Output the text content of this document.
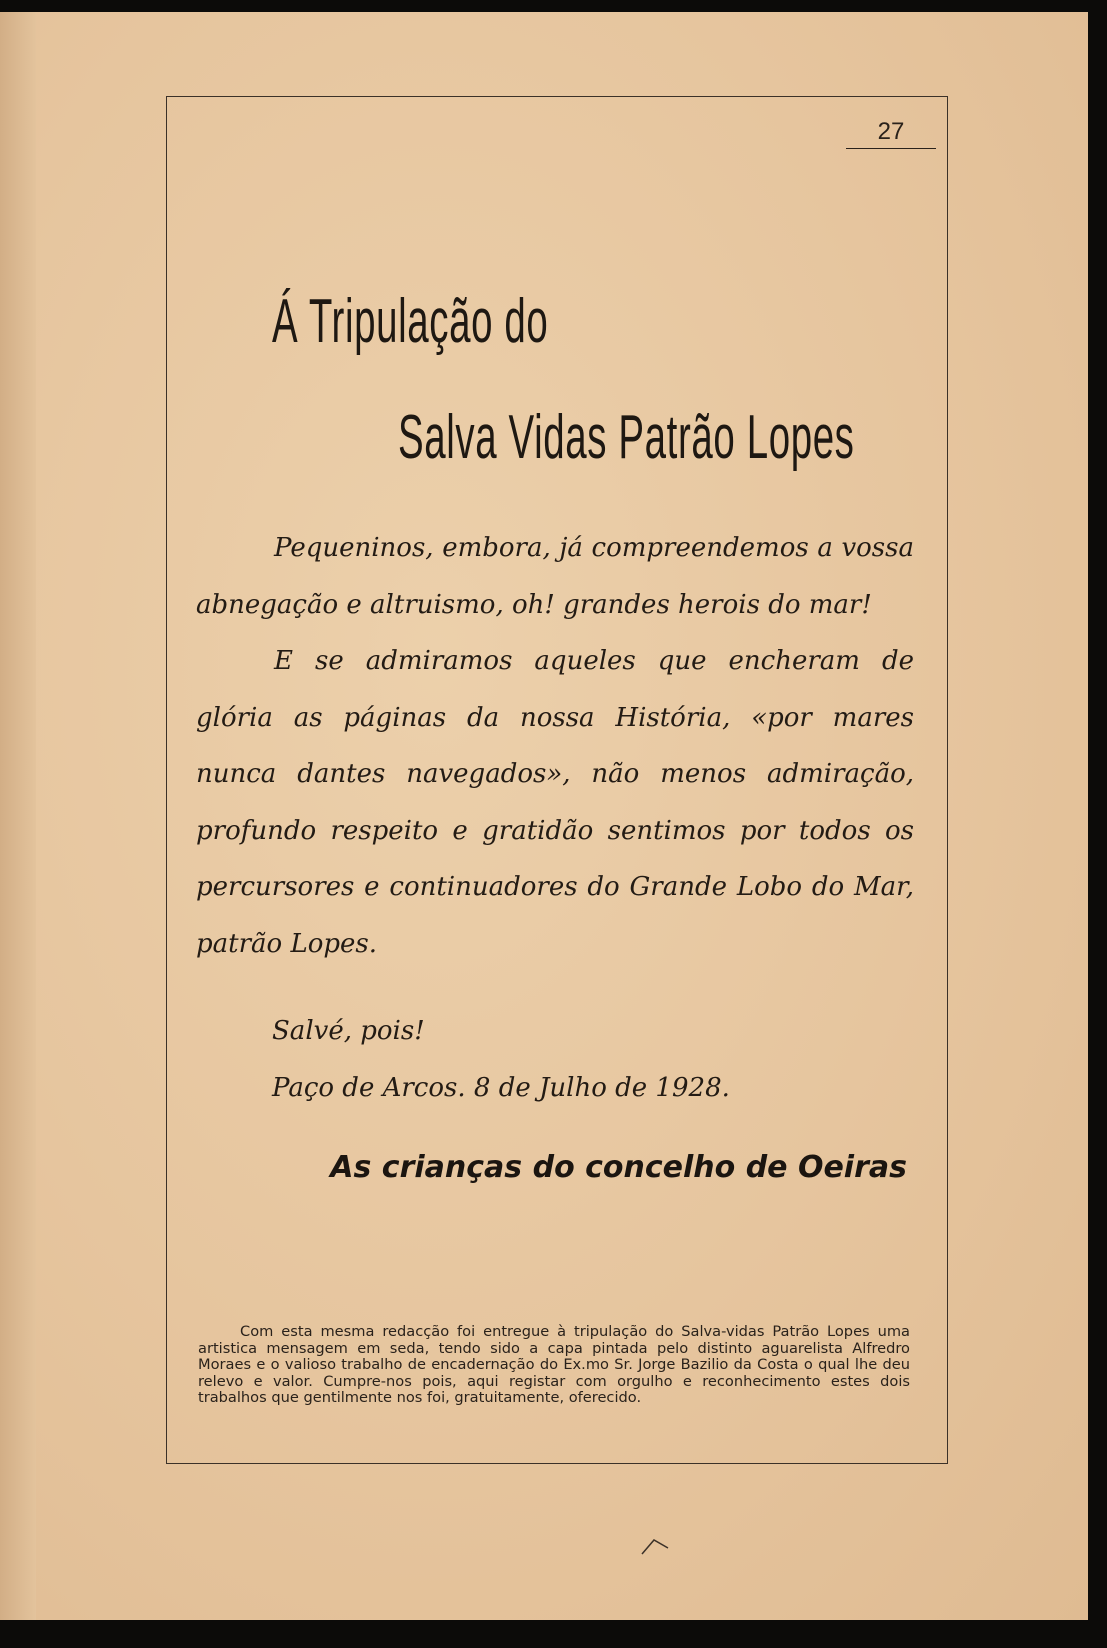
27
Á Tripulação do
Salva Vidas Patrão Lopes
Pequeninos, embora, já compreendemos a vossa abnegação e altruismo, oh! grandes herois do mar!
E se admiramos aqueles que encheram de glória as páginas da nossa História, «por mares nunca dantes navegados», não menos admiração, profundo respeito e gratidão sentimos por todos os percursores e continuadores do Grande Lobo do Mar, patrão Lopes.
Salvé, pois!
Paço de Arcos. 8 de Julho de 1928.
As crianças do concelho de Oeiras

Com esta mesma redacção foi entregue à tripulação do Salva-vidas Patrão Lopes uma artistica mensagem em seda, tendo sido a capa pintada pelo distinto aguarelista Alfredro Moraes e o valioso trabalho de encadernação do Ex.mo Sr. Jorge Bazilio da Costa o qual lhe deu relevo e valor. Cumpre-nos pois, aqui registar com orgulho e reconhecimento estes dois trabalhos que gentilmente nos foi, gratuitamente, oferecido.
